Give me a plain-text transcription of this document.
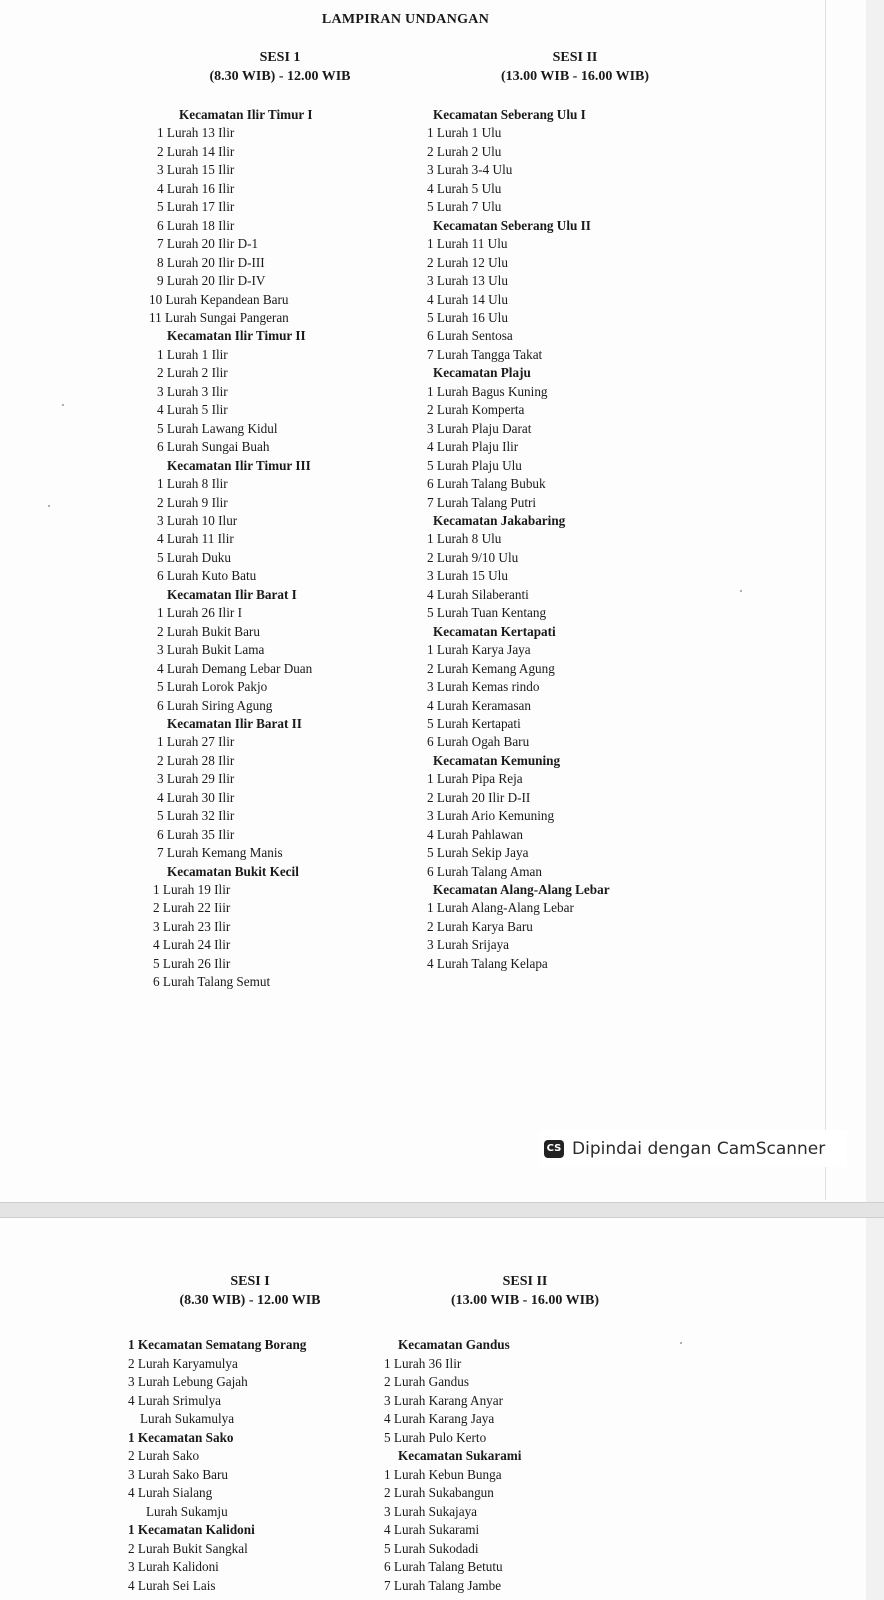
LAMPIRAN UNDANGAN
SESI 1
(8.30 WIB) - 12.00 WIB
SESI II
(13.00 WIB - 16.00 WIB)
Kecamatan Ilir Timur I
1 Lurah 13 Ilir
2 Lurah 14 Ilir
3 Lurah 15 Ilir
4 Lurah 16 Ilir
5 Lurah 17 Ilir
6 Lurah 18 Ilir
7 Lurah 20 Ilir D-1
8 Lurah 20 Ilir D-III
9 Lurah 20 Ilir D-IV
10 Lurah Kepandean Baru
11 Lurah Sungai Pangeran
Kecamatan Ilir Timur II
1 Lurah 1 Ilir
2 Lurah 2 Ilir
3 Lurah 3 Ilir
4 Lurah 5 Ilir
5 Lurah Lawang Kidul
6 Lurah Sungai Buah
Kecamatan Ilir Timur III
1 Lurah 8 Ilir
2 Lurah 9 Ilir
3 Lurah 10 Ilur
4 Lurah 11 Ilir
5 Lurah Duku
6 Lurah Kuto Batu
Kecamatan Ilir Barat I
1 Lurah 26 Ilir I
2 Lurah Bukit Baru
3 Lurah Bukit Lama
4 Lurah Demang Lebar Duan
5 Lurah Lorok Pakjo
6 Lurah Siring Agung
Kecamatan Ilir Barat II
1 Lurah 27 Ilir
2 Lurah 28 Ilir
3 Lurah 29 Ilir
4 Lurah 30 Ilir
5 Lurah 32 Ilir
6 Lurah 35 Ilir
7 Lurah Kemang Manis
Kecamatan Bukit Kecil
1 Lurah 19 Ilir
2 Lurah 22 Iiir
3 Lurah 23 Ilir
4 Lurah 24 Ilir
5 Lurah 26 Ilir
6 Lurah Talang Semut
Kecamatan Seberang Ulu I
1 Lurah 1 Ulu
2 Lurah 2 Ulu
3 Lurah 3-4 Ulu
4 Lurah 5 Ulu
5 Lurah 7 Ulu
Kecamatan Seberang Ulu II
1 Lurah 11 Ulu
2 Lurah 12 Ulu
3 Lurah 13 Ulu
4 Lurah 14 Ulu
5 Lurah 16 Ulu
6 Lurah Sentosa
7 Lurah Tangga Takat
Kecamatan Plaju
1 Lurah Bagus Kuning
2 Lurah Komperta
3 Lurah Plaju Darat
4 Lurah Plaju Ilir
5 Lurah Plaju Ulu
6 Lurah Talang Bubuk
7 Lurah Talang Putri
Kecamatan Jakabaring
1 Lurah 8 Ulu
2 Lurah 9/10 Ulu
3 Lurah 15 Ulu
4 Lurah Silaberanti
5 Lurah Tuan Kentang
Kecamatan Kertapati
1 Lurah Karya Jaya
2 Lurah Kemang Agung
3 Lurah Kemas rindo
4 Lurah Keramasan
5 Lurah Kertapati
6 Lurah Ogah Baru
Kecamatan Kemuning
1 Lurah Pipa Reja
2 Lurah 20 Ilir D-II
3 Lurah Ario Kemuning
4 Lurah Pahlawan
5 Lurah Sekip Jaya
6 Lurah Talang Aman
Kecamatan Alang-Alang Lebar
1 Lurah Alang-Alang Lebar
2 Lurah Karya Baru
3 Lurah Srijaya
4 Lurah Talang Kelapa
CS Dipindai dengan CamScanner
SESI I
(8.30 WIB) - 12.00 WIB
SESI II
(13.00 WIB - 16.00 WIB)
1 Kecamatan Sematang Borang
2 Lurah Karyamulya
3 Lurah Lebung Gajah
4 Lurah Srimulya
Lurah Sukamulya
1 Kecamatan Sako
2 Lurah Sako
3 Lurah Sako Baru
4 Lurah Sialang
Lurah Sukamju
1 Kecamatan Kalidoni
2 Lurah Bukit Sangkal
3 Lurah Kalidoni
4 Lurah Sei Lais
Kecamatan Gandus
1 Lurah 36 Ilir
2 Lurah Gandus
3 Lurah Karang Anyar
4 Lurah Karang Jaya
5 Lurah Pulo Kerto
Kecamatan Sukarami
1 Lurah Kebun Bunga
2 Lurah Sukabangun
3 Lurah Sukajaya
4 Lurah Sukarami
5 Lurah Sukodadi
6 Lurah Talang Betutu
7 Lurah Talang Jambe
